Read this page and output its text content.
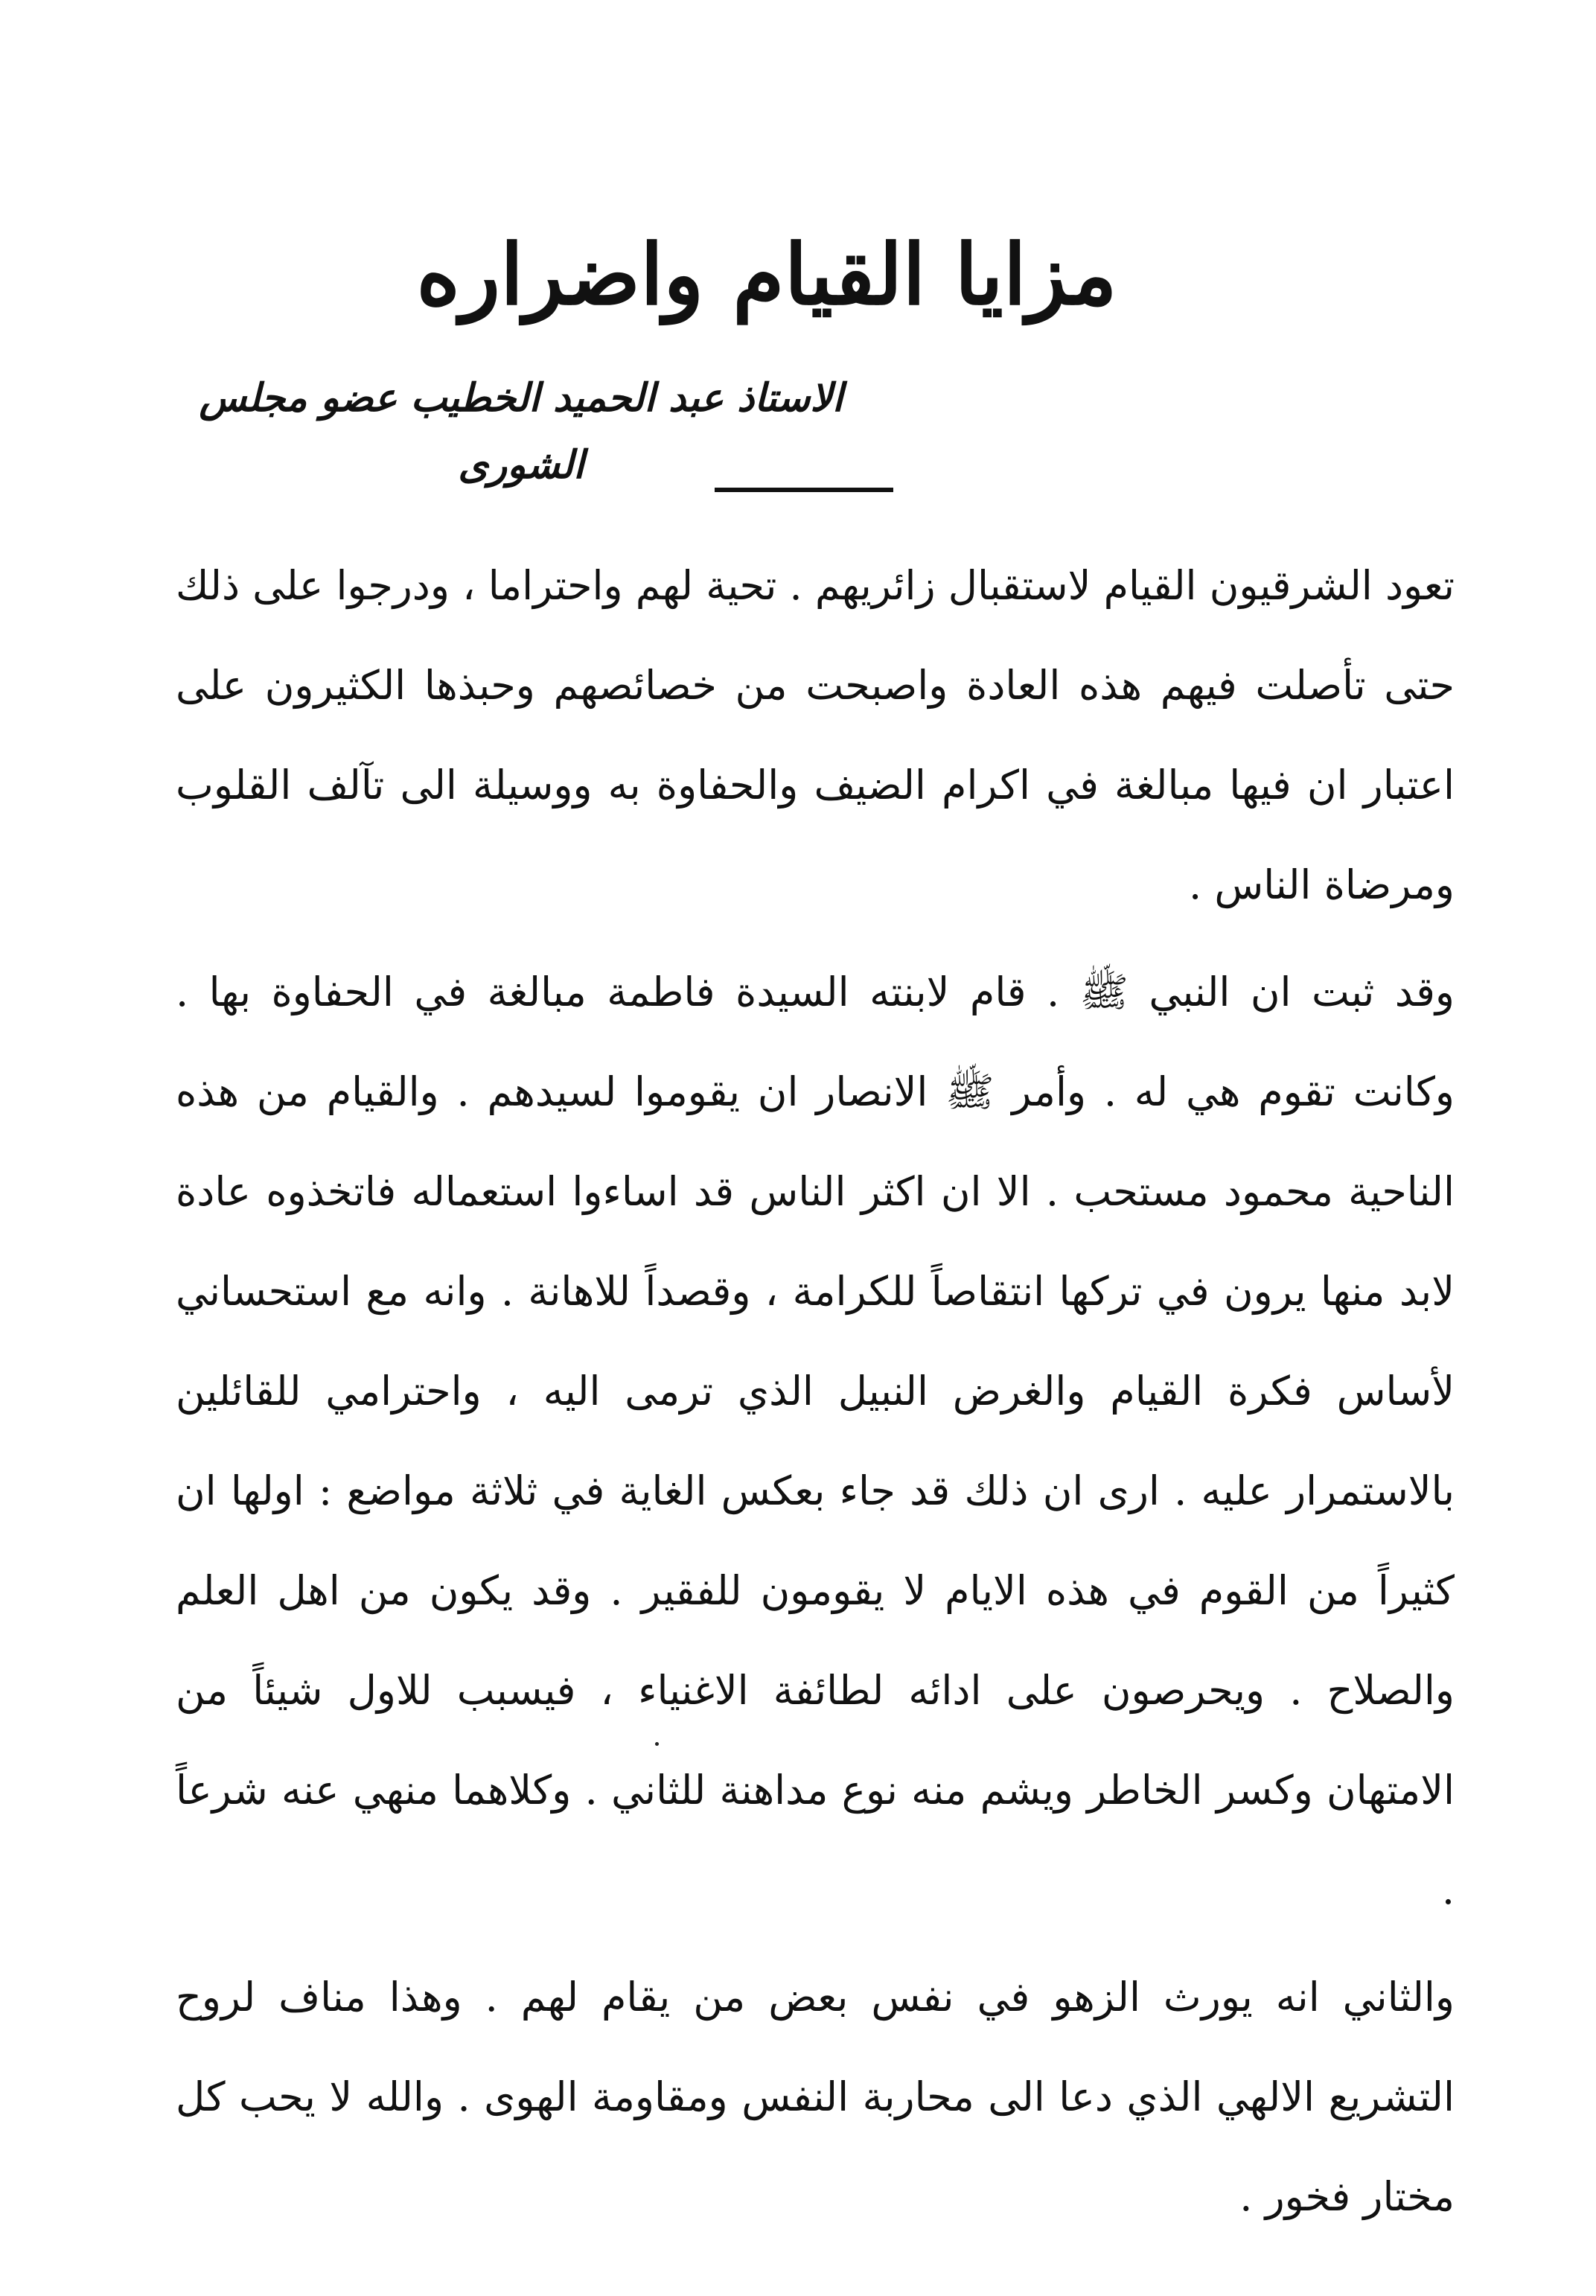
مزايا القيام واضراره
الاستاذ عبد الحميد الخطيب عضو مجلس الشورى

تعود الشرقيون القيام لاستقبال زائريهم . تحية لهم واحتراما ، ودرجوا على ذلك حتى تأصلت فيهم هذه العادة واصبحت من خصائصهم وحبذها الكثيرون على اعتبار ان فيها مبالغة في اكرام الضيف والحفاوة به ووسيلة الى تآلف القلوب ومرضاة الناس .

وقد ثبت ان النبي ﷺ . قام لابنته السيدة فاطمة مبالغة في الحفاوة بها . وكانت تقوم هي له . وأمر ﷺ الانصار ان يقوموا لسيدهم . والقيام من هذه الناحية محمود مستحب . الا ان اكثر الناس قد اساءوا استعماله فاتخذوه عادة لابد منها يرون في تركها انتقاصاً للكرامة ، وقصداً للاهانة . وانه مع استحساني لأساس فكرة القيام والغرض النبيل الذي ترمى اليه ، واحترامي للقائلين بالاستمرار عليه . ارى ان ذلك قد جاء بعكس الغاية في ثلاثة مواضع : اولها ان كثيراً من القوم في هذه الايام لا يقومون للفقير . وقد يكون من اهل العلم والصلاح . ويحرصون على ادائه لطائفة الاغنياء ، فيسبب للاول شيئاً من الامتهان وكسر الخاطر ويشم منه نوع مداهنة للثاني . وكلاهما منهي عنه شرعاً .

والثاني انه يورث الزهو في نفس بعض من يقام لهم . وهذا مناف لروح التشريع الالهي الذي دعا الى محاربة النفس ومقاومة الهوى . والله لا يحب كل مختار فخور .
